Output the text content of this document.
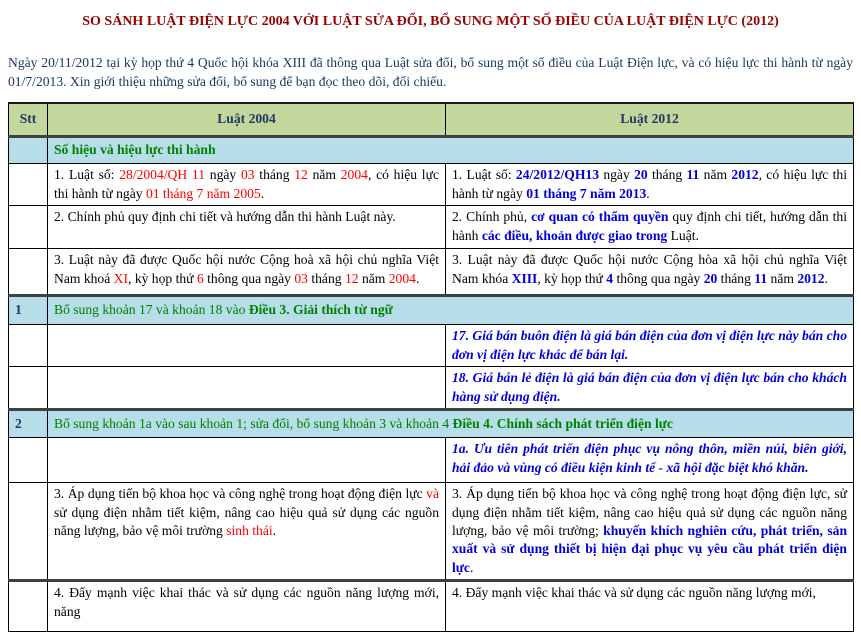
SO SÁNH LUẬT ĐIỆN LỰC 2004 VỚI LUẬT SỬA ĐỔI, BỔ SUNG MỘT SỐ ĐIỀU CỦA LUẬT ĐIỆN LỰC (2012)

Ngày 20/11/2012 tại kỳ họp thứ 4 Quốc hội khóa XIII đã thông qua Luật sửa đổi, bổ sung một số điều của Luật Điện lực, và có hiệu lực thi hành từ ngày 01/7/2013. Xin giới thiệu những sửa đổi, bổ sung để bạn đọc theo dõi, đối chiếu.

Stt	Luật 2004	Luật 2012
	Số hiệu và hiệu lực thi hành	
	1. Luật số: 28/2004/QH 11 ngày 03 tháng 12 năm 2004, có hiệu lực thi hành từ ngày 01 tháng 7 năm 2005.	1. Luật số: 24/2012/QH13 ngày 20 tháng 11 năm 2012, có hiệu lực thi hành từ ngày 01 tháng 7 năm 2013.
	2. Chính phủ quy định chi tiết và hướng dẫn thi hành Luật này.	2. Chính phủ, cơ quan có thẩm quyền quy định chi tiết, hướng dẫn thi hành các điều, khoản được giao trong Luật.
	3. Luật này đã được Quốc hội nước Cộng hoà xã hội chủ nghĩa Việt Nam khoá XI, kỳ họp thứ 6 thông qua ngày 03 tháng 12 năm 2004.	3. Luật này đã được Quốc hội nước Cộng hòa xã hội chủ nghĩa Việt Nam khóa XIII, kỳ họp thứ 4 thông qua ngày 20 tháng 11 năm 2012.
1	Bổ sung khoản 17 và khoản 18 vào Điều 3. Giải thích từ ngữ	
		17. Giá bán buôn điện là giá bán điện của đơn vị điện lực này bán cho đơn vị điện lực khác để bán lại.
		18. Giá bán lẻ điện là giá bán điện của đơn vị điện lực bán cho khách hàng sử dụng điện.
2	Bổ sung khoản 1a vào sau khoản 1; sửa đổi, bổ sung khoản 3 và khoản 4 Điều 4. Chính sách phát triển điện lực	
		1a. Ưu tiên phát triển điện phục vụ nông thôn, miền núi, biên giới, hải đảo và vùng có điều kiện kinh tế - xã hội đặc biệt khó khăn.
	3. Áp dụng tiến bộ khoa học và công nghệ trong hoạt động điện lực và sử dụng điện nhằm tiết kiệm, nâng cao hiệu quả sử dụng các nguồn năng lượng, bảo vệ môi trường sinh thái.	3. Áp dụng tiến bộ khoa học và công nghệ trong hoạt động điện lực, sử dụng điện nhằm tiết kiệm, nâng cao hiệu quả sử dụng các nguồn năng lượng, bảo vệ môi trường; khuyến khích nghiên cứu, phát triển, sản xuất và sử dụng thiết bị hiện đại phục vụ yêu cầu phát triển điện lực.
	4. Đẩy mạnh việc khai thác và sử dụng các nguồn năng lượng mới, năng	4. Đẩy mạnh việc khai thác và sử dụng các nguồn năng lượng mới,
